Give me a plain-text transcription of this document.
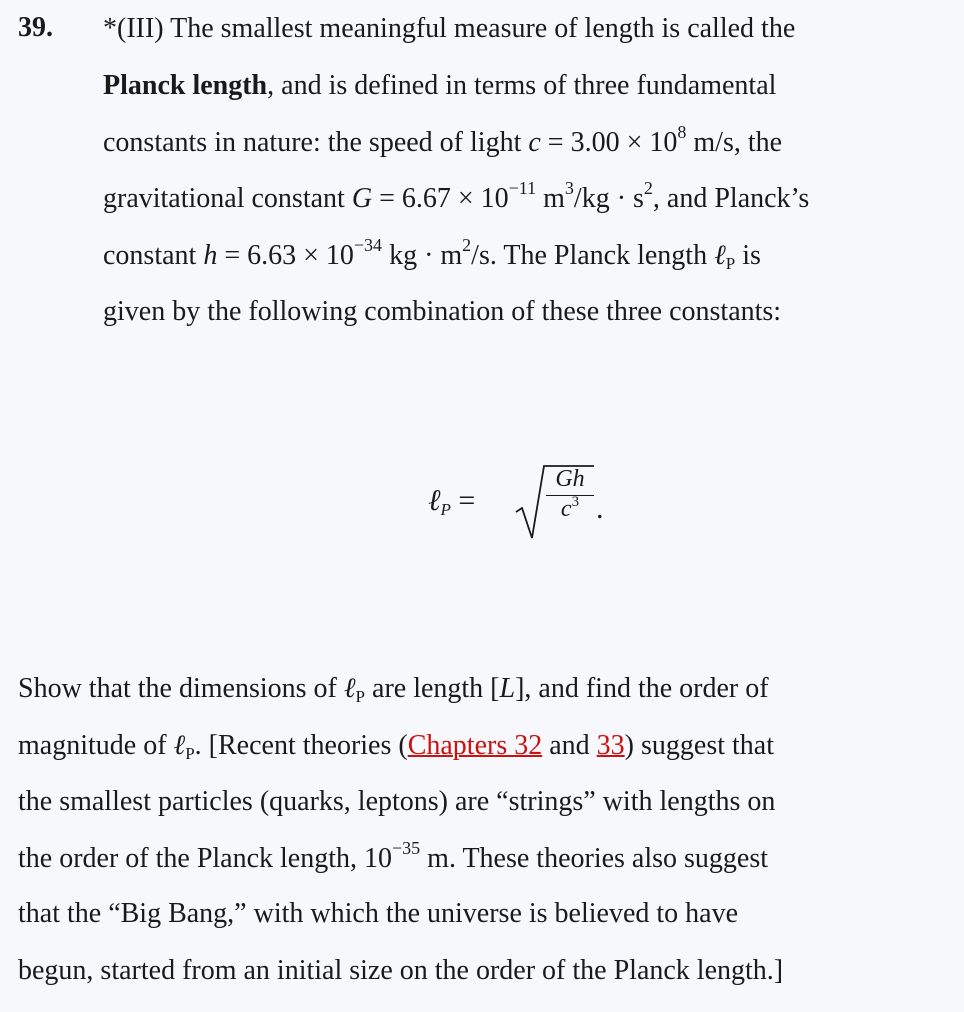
39. *(III) The smallest meaningful measure of length is called the
Planck length, and is defined in terms of three fundamental
constants in nature: the speed of light $c = 3.00 \times 10^8$ m/s, the
gravitational constant $G = 6.67 \times 10^{-11}$ $m^3/kg \cdot s^2$, and Planck’s
constant $h = 6.63 \times 10^{-34}$ kg · $m^2/s$. The Planck length ℓ$_P$ is
given by the following combination of these three constants:
ℓ$_P$ =	$\frac{Gh}{c^3}$ .
Show that the dimensions of ℓ$_P$ are length [L], and find the order of
magnitude of ℓ$_P$. [Recent theories (Chapters 32 and 33) suggest that
the smallest particles (quarks, leptons) are “strings” with lengths on
the order of the Planck length, $10^{-35}$ m. These theories also suggest
that the “Big Bang,” with which the universe is believed to have
begun, started from an initial size on the order of the Planck length.]
